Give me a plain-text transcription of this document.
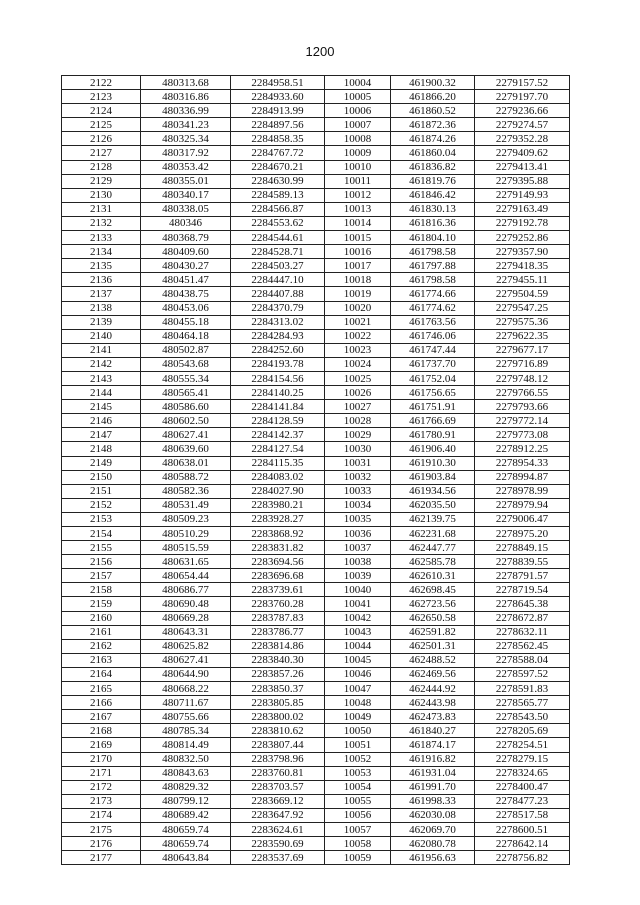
1200
2122	480313.68	2284958.51	10004	461900.32	2279157.52
2123	480316.86	2284933.60	10005	461866.20	2279197.70
2124	480336.99	2284913.99	10006	461860.52	2279236.66
2125	480341.23	2284897.56	10007	461872.36	2279274.57
2126	480325.34	2284858.35	10008	461874.26	2279352.28
2127	480317.92	2284767.72	10009	461860.04	2279409.62
2128	480353.42	2284670.21	10010	461836.82	2279413.41
2129	480355.01	2284630.99	10011	461819.76	2279395.88
2130	480340.17	2284589.13	10012	461846.42	2279149.93
2131	480338.05	2284566.87	10013	461830.13	2279163.49
2132	480346	2284553.62	10014	461816.36	2279192.78
2133	480368.79	2284544.61	10015	461804.10	2279252.86
2134	480409.60	2284528.71	10016	461798.58	2279357.90
2135	480430.27	2284503.27	10017	461797.88	2279418.35
2136	480451.47	2284447.10	10018	461798.58	2279455.11
2137	480438.75	2284407.88	10019	461774.66	2279504.59
2138	480453.06	2284370.79	10020	461774.62	2279547.25
2139	480455.18	2284313.02	10021	461763.56	2279575.36
2140	480464.18	2284284.93	10022	461746.06	2279622.35
2141	480502.87	2284252.60	10023	461747.44	2279677.17
2142	480543.68	2284193.78	10024	461737.70	2279716.89
2143	480555.34	2284154.56	10025	461752.04	2279748.12
2144	480565.41	2284140.25	10026	461756.65	2279766.55
2145	480586.60	2284141.84	10027	461751.91	2279793.66
2146	480602.50	2284128.59	10028	461766.69	2279772.14
2147	480627.41	2284142.37	10029	461780.91	2279773.08
2148	480639.60	2284127.54	10030	461906.40	2278912.25
2149	480638.01	2284115.35	10031	461910.30	2278954.33
2150	480588.72	2284083.02	10032	461903.84	2278994.87
2151	480582.36	2284027.90	10033	461934.56	2278978.99
2152	480531.49	2283980.21	10034	462035.50	2278979.94
2153	480509.23	2283928.27	10035	462139.75	2279006.47
2154	480510.29	2283868.92	10036	462231.68	2278975.20
2155	480515.59	2283831.82	10037	462447.77	2278849.15
2156	480631.65	2283694.56	10038	462585.78	2278839.55
2157	480654.44	2283696.68	10039	462610.31	2278791.57
2158	480686.77	2283739.61	10040	462698.45	2278719.54
2159	480690.48	2283760.28	10041	462723.56	2278645.38
2160	480669.28	2283787.83	10042	462650.58	2278672.87
2161	480643.31	2283786.77	10043	462591.82	2278632.11
2162	480625.82	2283814.86	10044	462501.31	2278562.45
2163	480627.41	2283840.30	10045	462488.52	2278588.04
2164	480644.90	2283857.26	10046	462469.56	2278597.52
2165	480668.22	2283850.37	10047	462444.92	2278591.83
2166	480711.67	2283805.85	10048	462443.98	2278565.77
2167	480755.66	2283800.02	10049	462473.83	2278543.50
2168	480785.34	2283810.62	10050	461840.27	2278205.69
2169	480814.49	2283807.44	10051	461874.17	2278254.51
2170	480832.50	2283798.96	10052	461916.82	2278279.15
2171	480843.63	2283760.81	10053	461931.04	2278324.65
2172	480829.32	2283703.57	10054	461991.70	2278400.47
2173	480799.12	2283669.12	10055	461998.33	2278477.23
2174	480689.42	2283647.92	10056	462030.08	2278517.58
2175	480659.74	2283624.61	10057	462069.70	2278600.51
2176	480659.74	2283590.69	10058	462080.78	2278642.14
2177	480643.84	2283537.69	10059	461956.63	2278756.82
